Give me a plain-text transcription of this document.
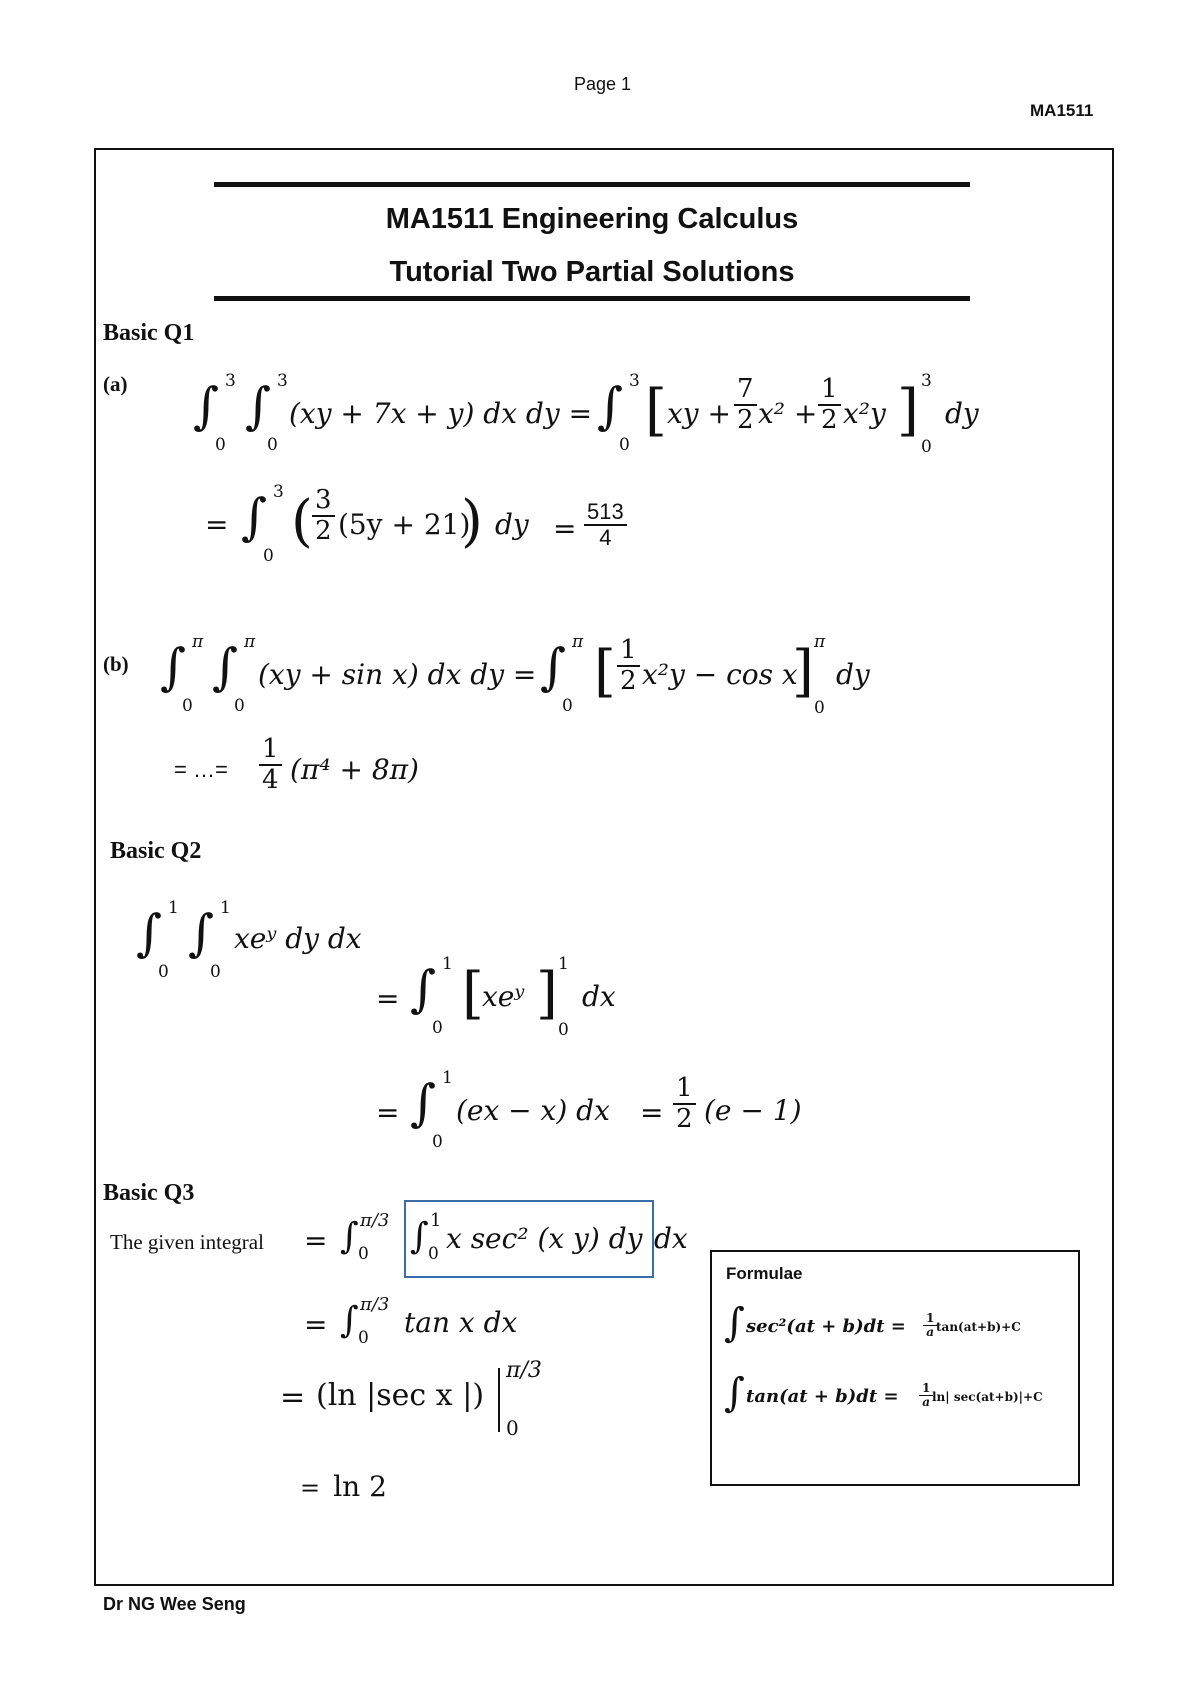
Page 1
MA1511
MA1511 Engineering Calculus
Tutorial Two Partial Solutions
Basic Q1
(a) ∫ 3
0
∫ 3
0
(xy + 7x + y) dx dy = ∫ 3
0
[ xy + $\frac{7}{2} x^2 + \frac{1}{2} x^2y$ ] 3
0
dy
= ∫ 3
0
( $\frac{3}{2} (5y + 21)$
) dy = $\frac{513}{4}$
(b) ∫ π
0
∫ π
0
(xy + sin x) dx dy = ∫ π
0
[ $\frac{1}{2} x^2y - \cos x$
] π
0
dy
= …= $\frac{1}{4} (\pi^4 + 8\pi)$
Basic Q2
∫ 1
0
∫ 1
0
xeʸ dy dx
= ∫ 1
0
[
xeʸ ] 1
0
dx
= ∫ 1
0
(ex − x) dx = $\frac{1}{2} (e - 1)$
Basic Q3
The given integral = ∫ π/3
0 ∫ 1
0 x sec² (x y) dy dx
= ∫ π/3
0 tan x dx
= (ln |sec x |)
π/3
0
= ln 2
Formulae
∫ $\sec^2(at + b)dt = \frac{1}{a}$
tan(at+b)+C
∫ $\tan(at + b)dt = \frac{1}{a}$
ln| sec(at+b)|+C
Dr NG Wee Seng
